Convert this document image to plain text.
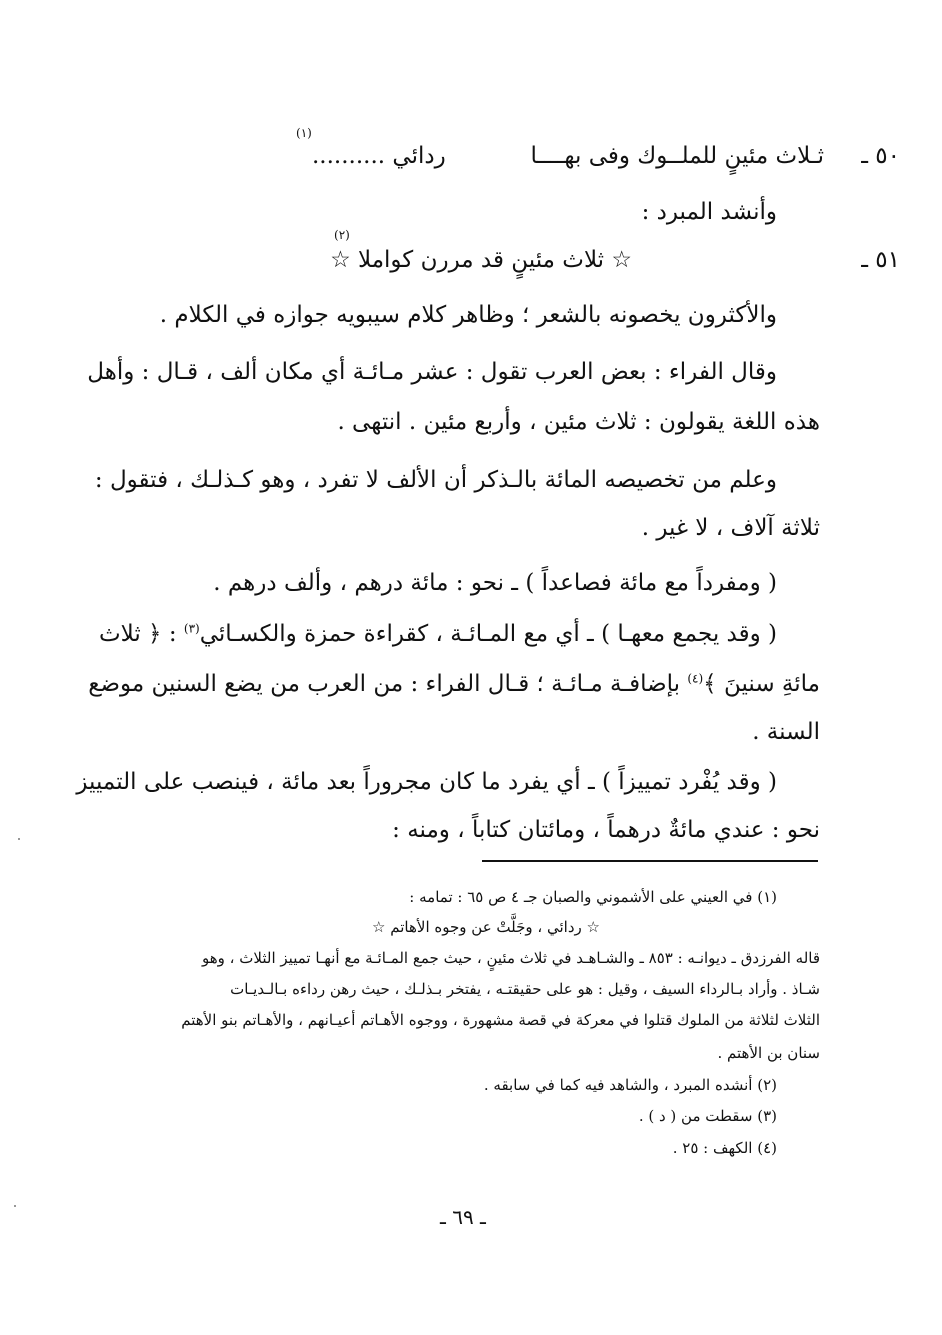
٥٠ ـ
ثـلاث مئينٍ للملــوك وفى بهــــا
ردائي ..........
(١)
وأنشد المبرد :
٥١ ـ
☆ ثلاث مئينٍ قد مررن كواملا ☆
(٢)
والأكثرون يخصونه بالشعر ؛ وظاهر كلام سيبويه جوازه في الكلام .
وقال الفراء : بعض العرب تقول : عشر مـائـة أي مكان ألف ، قـال : وأهل
هذه اللغة يقولون : ثلاث مئين ، وأربع مئين . انتهى .
وعلم من تخصيصه المائة بالـذكر أن الألف لا تفرد ، وهو كـذلـك ، فتقول :
ثلاثة آلاف ، لا غير .
( ومفرداً مع مائة فصاعداً ) ـ نحو : مائة درهم ، وألف درهم .
( وقد يجمع معهـا ) ـ أي مع المـائـة ، كقراءة حمزة والكسـائي$^{(٣)}$ : ﴿ ثلاث
مائةِ سنينَ ﴾$^{(٤)}$ بإضافـة مـائـة ؛ قـال الفراء : من العرب من يضع السنين موضع
السنة .
( وقد يُفْرد تمييزاً ) ـ أي يفرد ما كان مجروراً بعد مائة ، فينصب على التمييز
نحو : عندي مائةٌ درهماً ، ومائتان كتاباً ، ومنه :
(١) في العيني على الأشموني والصبان جـ ٤ ص ٦٥ : تمامه :
☆ ردائي ، وجَلَّتْ عن وجوه الأهاتم ☆
قاله الفرزدق ـ ديوانـه : ٨٥٣ ـ والشـاهـد في ثلاث مئينٍ ، حيث جمع المـائـة مع أنهـا تمييز الثلاث ، وهو
شـاذ . وأراد بـالرداء السيف ، وقيل : هو على حقيقتـه ، يفتخر بـذلـك ، حيث رهن رداءه بـالـديـات
الثلاث لثلاثة من الملوك قتلوا في معركة في قصة مشهورة ، ووجوه الأهـاتم أعيـانهم ، والأهـاتم بنو الأهتم
سنان بن الأهتم .
(٢) أنشده المبرد ، والشاهد فيه كما في سابقه .
(٣) سقطت من ( د ) .
(٤) الكهف : ٢٥ .
ـ ٦٩ ـ
